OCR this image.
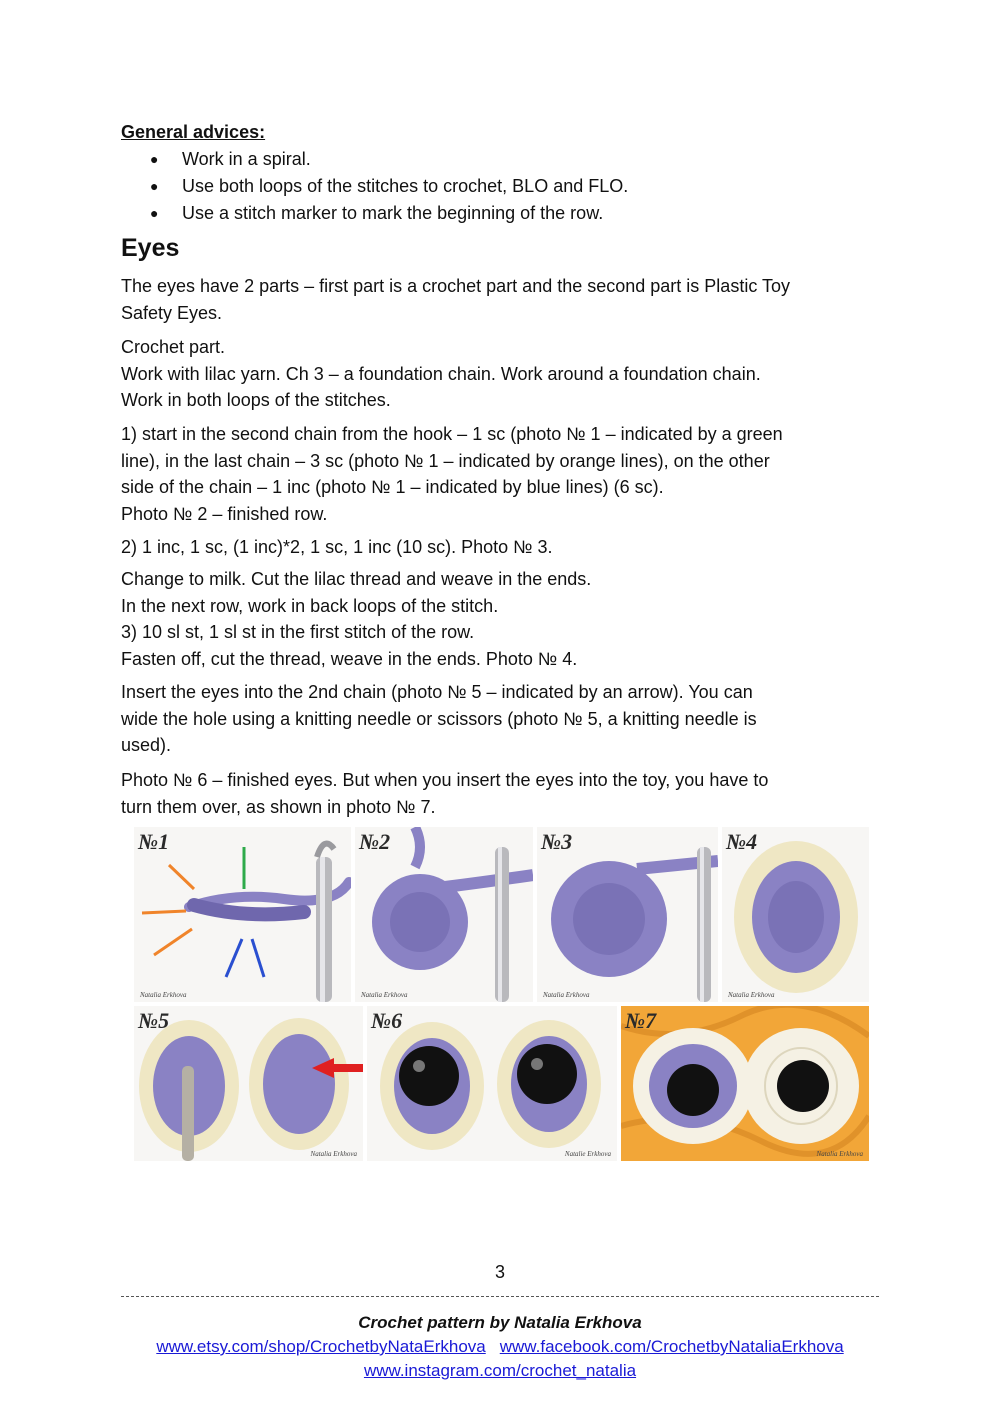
General advices:
● Work in a spiral.
● Use both loops of the stitches to crochet, BLO and FLO.
● Use a stitch marker to mark the beginning of the row.
Eyes

The eyes have 2 parts – first part is a crochet part and the second part is Plastic Toy
Safety Eyes.

Crochet part.
Work with lilac yarn. Ch 3 – a foundation chain. Work around a foundation chain.
Work in both loops of the stitches.

1) start in the second chain from the hook – 1 sc (photo № 1 – indicated by a green
line), in the last chain – 3 sc (photo № 1 – indicated by orange lines), on the other
side of the chain – 1 inc (photo № 1 – indicated by blue lines) (6 sc).
Photo № 2 – finished row.

2) 1 inc, 1 sc, (1 inc)*2, 1 sc, 1 inc (10 sc). Photo № 3.

Change to milk. Cut the lilac thread and weave in the ends.
In the next row, work in back loops of the stitch.
3) 10 sl st, 1 sl st in the first stitch of the row.
Fasten off, cut the thread, weave in the ends. Photo № 4.

Insert the eyes into the 2nd chain (photo № 5 – indicated by an arrow). You can
wide the hole using a knitting needle or scissors (photo № 5, a knitting needle is
used).

Photo № 6 – finished eyes. But when you insert the eyes into the toy, you have to
turn them over, as shown in photo № 7.

№1
Natalia Erkhova
№2
Natalia Erkhova
№3
Natalia Erkhova
№4
Natalia Erkhova
№5
Natalia Erkhova
№6
Natalie Erkhova
№7
Natalia Erkhova
3
Crochet pattern by Natalia Erkhova
www.etsy.com/shop/CrochetbyNataErkhova www.facebook.com/CrochetbyNataliaErkhova
www.instagram.com/crochet_natalia
